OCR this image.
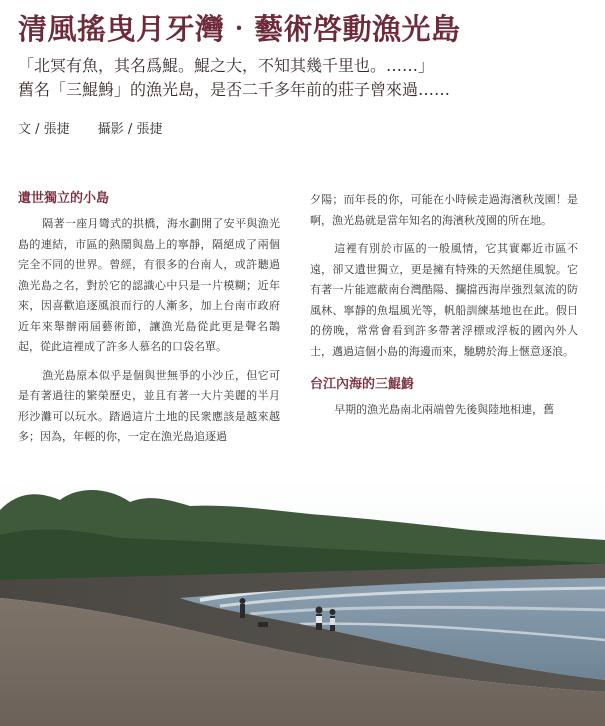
清風搖曳月牙灣‧藝術啓動漁光島
「北冥有魚，其名爲鯤。鯤之大，不知其幾千里也。……」
舊名「三鯤鯓」的漁光島，是否二千多年前的莊子曾來過……
文 / 張捷 攝影 / 張捷
遺世獨立的小島

隔著一座月彎式的拱橋，海水劃開了安平與漁光島的連結，市區的熱鬧與島上的寧靜，隔絕成了兩個完全不同的世界。曾經，有很多的台南人，或許聽過漁光島之名，對於它的認識心中只是一片模糊；近年來，因喜歡追逐風浪而行的人漸多，加上台南市政府近年來舉辦兩屆藝術節，讓漁光島從此更是聲名鵲起，從此這裡成了許多人慕名的口袋名單。

漁光島原本似乎是個與世無爭的小沙丘，但它可是有著過往的繁榮歷史，並且有著一大片美麗的半月形沙灘可以玩水。踏過這片土地的民衆應該是越來越多；因為，年輕的你，一定在漁光島追逐過

夕陽；而年長的你，可能在小時候走過海濱秋茂園！是啊，漁光島就是當年知名的海濱秋茂園的所在地。

這裡有別於市區的一般風情，它其實鄰近市區不遠，卻又遺世獨立，更是擁有特殊的天然絕佳風貌。它有著一片能遮蔽南台灣酷陽、攔擋西海岸強烈氣流的防風林、寧靜的魚塭風光等，帆船訓練基地也在此。假日的傍晚，常常會看到許多帶著浮標或浮板的國內外人士，邁過這個小島的海邊而來，馳騁於海上愜意逐浪。

台江內海的三鯤鯓

早期的漁光島南北兩端曾先後與陸地相連，舊
